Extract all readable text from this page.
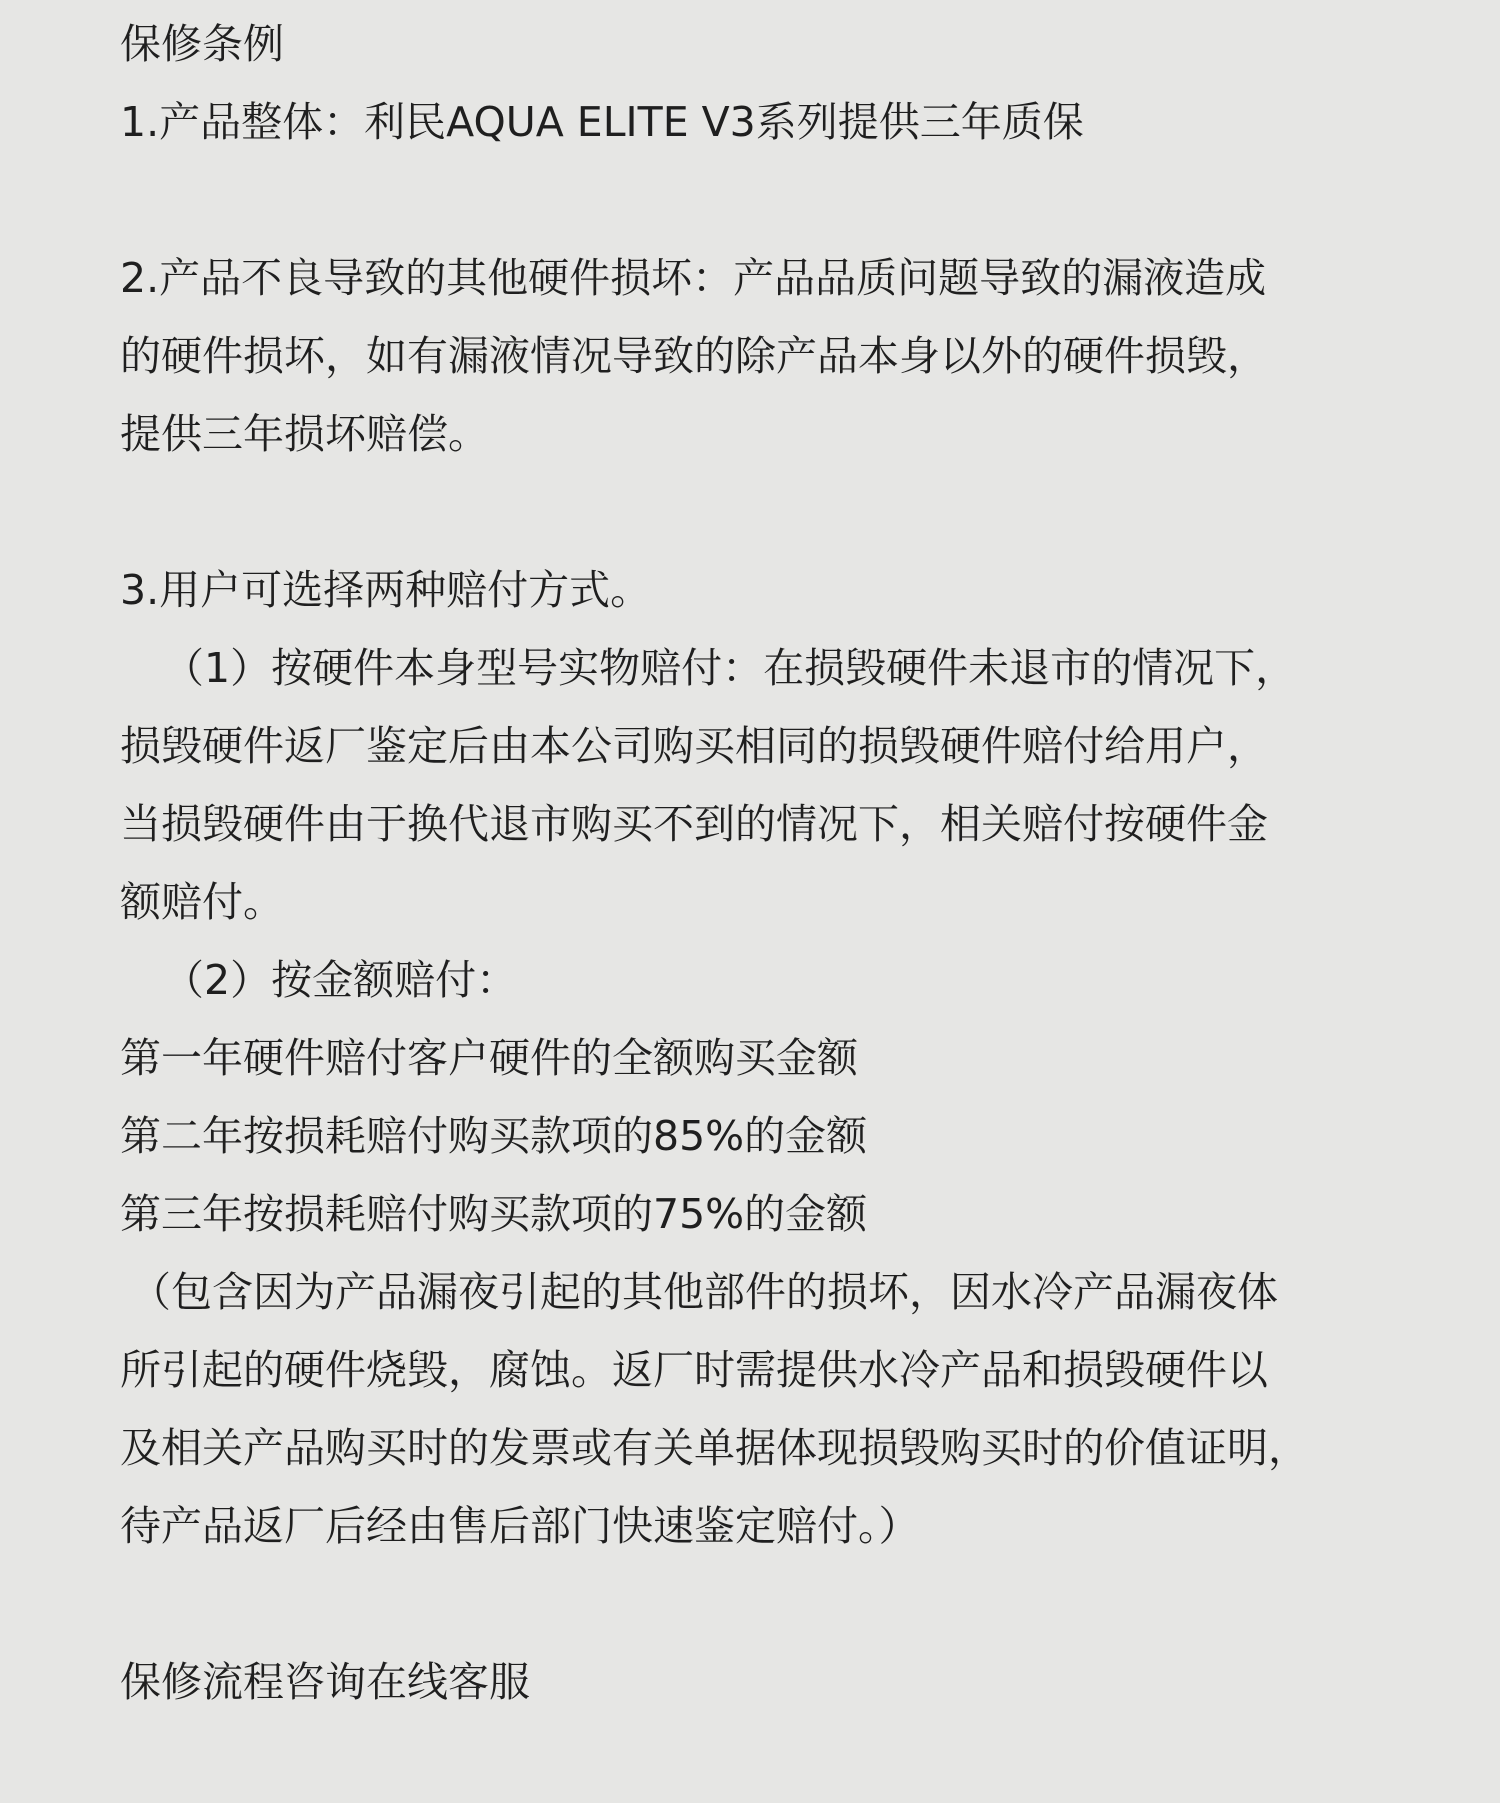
保修条例
1.产品整体：利民AQUA ELITE V3系列提供三年质保
2.产品不良导致的其他硬件损坏：产品品质问题导致的漏液造成
的硬件损坏，如有漏液情况导致的除产品本身以外的硬件损毁，
提供三年损坏赔偿。
3.用户可选择两种赔付方式。
（1）按硬件本身型号实物赔付：在损毁硬件未退市的情况下，
损毁硬件返厂鉴定后由本公司购买相同的损毁硬件赔付给用户，
当损毁硬件由于换代退市购买不到的情况下，相关赔付按硬件金
额赔付。
（2）按金额赔付：
第一年硬件赔付客户硬件的全额购买金额
第二年按损耗赔付购买款项的85%的金额
第三年按损耗赔付购买款项的75%的金额
（包含因为产品漏夜引起的其他部件的损坏，因水冷产品漏夜体
所引起的硬件烧毁，腐蚀。返厂时需提供水冷产品和损毁硬件以
及相关产品购买时的发票或有关单据体现损毁购买时的价值证明，
待产品返厂后经由售后部门快速鉴定赔付。）
保修流程咨询在线客服
